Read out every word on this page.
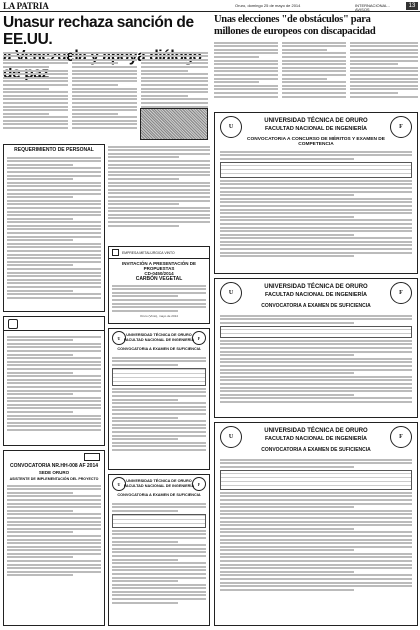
LA PATRIA	Oruro, domingo 25 de mayo de 2014	INTERNACIONAL - AVISOS
13
Unasur rechaza sanción de EE.UU.
Unas elecciones "de obstáculos" para
millones de europeos con discapacidad
REQUERIMIENTO DE PERSONAL
CONVOCATORIA NR.HH-008 AF 2014
SEDE ORURO
ASISTENTE DE IMPLEMENTACIÓN DEL PROYECTO
EMPRESA METALÚRGICA VINTO
INVITACIÓN A PRESENTACIÓN DE PROPUESTAS
CD-0450/2014
CARBÓN VEGETAL
Oruro (Vinto), mayo de 2014
U	F
UNIVERSIDAD TÉCNICA DE ORURO
FACULTAD NACIONAL DE INGENIERÍA
CONVOCATORIA A EXAMEN DE SUFICIENCIA
U	F
UNIVERSIDAD TÉCNICA DE ORURO
FACULTAD NACIONAL DE INGENIERÍA
CONVOCATORIA A EXAMEN DE SUFICIENCIA
U	F
UNIVERSIDAD TÉCNICA DE ORURO
FACULTAD NACIONAL DE INGENIERÍA
CONVOCATORIA A CONCURSO DE MÉRITOS Y EXAMEN DE COMPETENCIA
U	F
UNIVERSIDAD TÉCNICA DE ORURO
FACULTAD NACIONAL DE INGENIERÍA
CONVOCATORIA A EXAMEN DE SUFICIENCIA
U	F
UNIVERSIDAD TÉCNICA DE ORURO
FACULTAD NACIONAL DE INGENIERÍA
CONVOCATORIA A EXAMEN DE SUFICIENCIA
